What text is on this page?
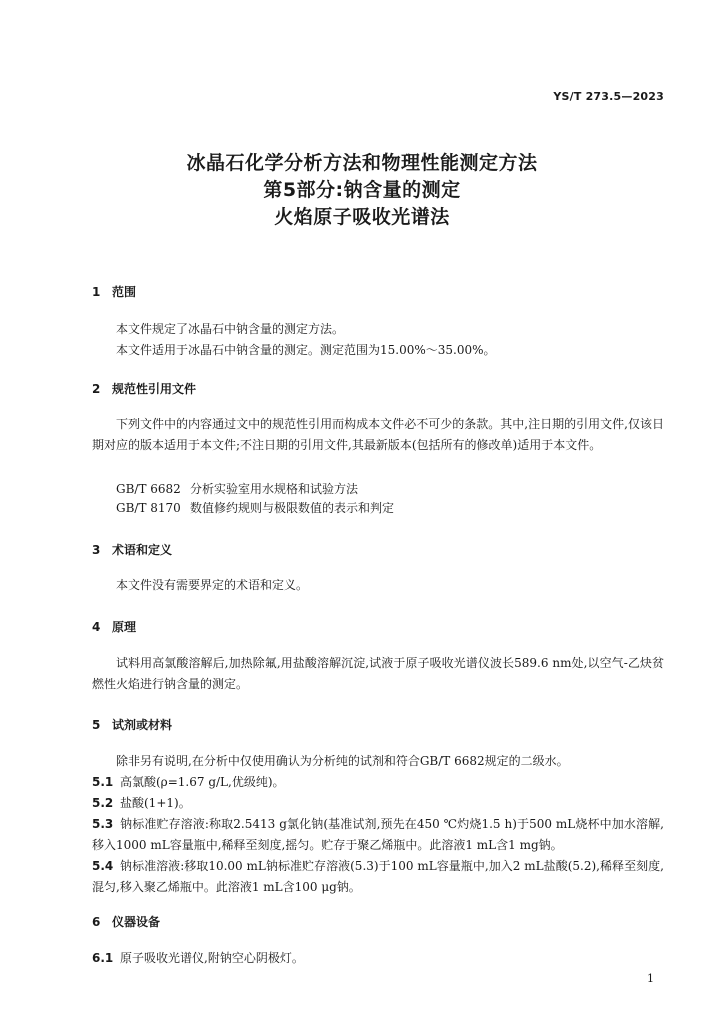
YS/T 273.5—2023
冰晶石化学分析方法和物理性能测定方法
第5部分:钠含量的测定
火焰原子吸收光谱法
1 范围
本文件规定了冰晶石中钠含量的测定方法。
本文件适用于冰晶石中钠含量的测定。测定范围为15.00%～35.00%。
2 规范性引用文件
下列文件中的内容通过文中的规范性引用而构成本文件必不可少的条款。其中,注日期的引用文件,仅该日期对应的版本适用于本文件;不注日期的引用文件,其最新版本(包括所有的修改单)适用于本文件。
GB/T 6682 分析实验室用水规格和试验方法
GB/T 8170 数值修约规则与极限数值的表示和判定
3 术语和定义
本文件没有需要界定的术语和定义。
4 原理
试料用高氯酸溶解后,加热除氟,用盐酸溶解沉淀,试液于原子吸收光谱仪波长589.6 nm处,以空气-乙炔贫燃性火焰进行钠含量的测定。
5 试剂或材料
除非另有说明,在分析中仅使用确认为分析纯的试剂和符合GB/T 6682规定的二级水。
5.1 高氯酸(ρ=1.67 g/L,优级纯)。
5.2 盐酸(1+1)。
5.3 钠标准贮存溶液:称取2.5413 g氯化钠(基准试剂,预先在450 ℃灼烧1.5 h)于500 mL烧杯中加水溶解,移入1000 mL容量瓶中,稀释至刻度,摇匀。贮存于聚乙烯瓶中。此溶液1 mL含1 mg钠。
5.4 钠标准溶液:移取10.00 mL钠标准贮存溶液(5.3)于100 mL容量瓶中,加入2 mL盐酸(5.2),稀释至刻度,混匀,移入聚乙烯瓶中。此溶液1 mL含100 μg钠。
6 仪器设备
6.1 原子吸收光谱仪,附钠空心阴极灯。
1
